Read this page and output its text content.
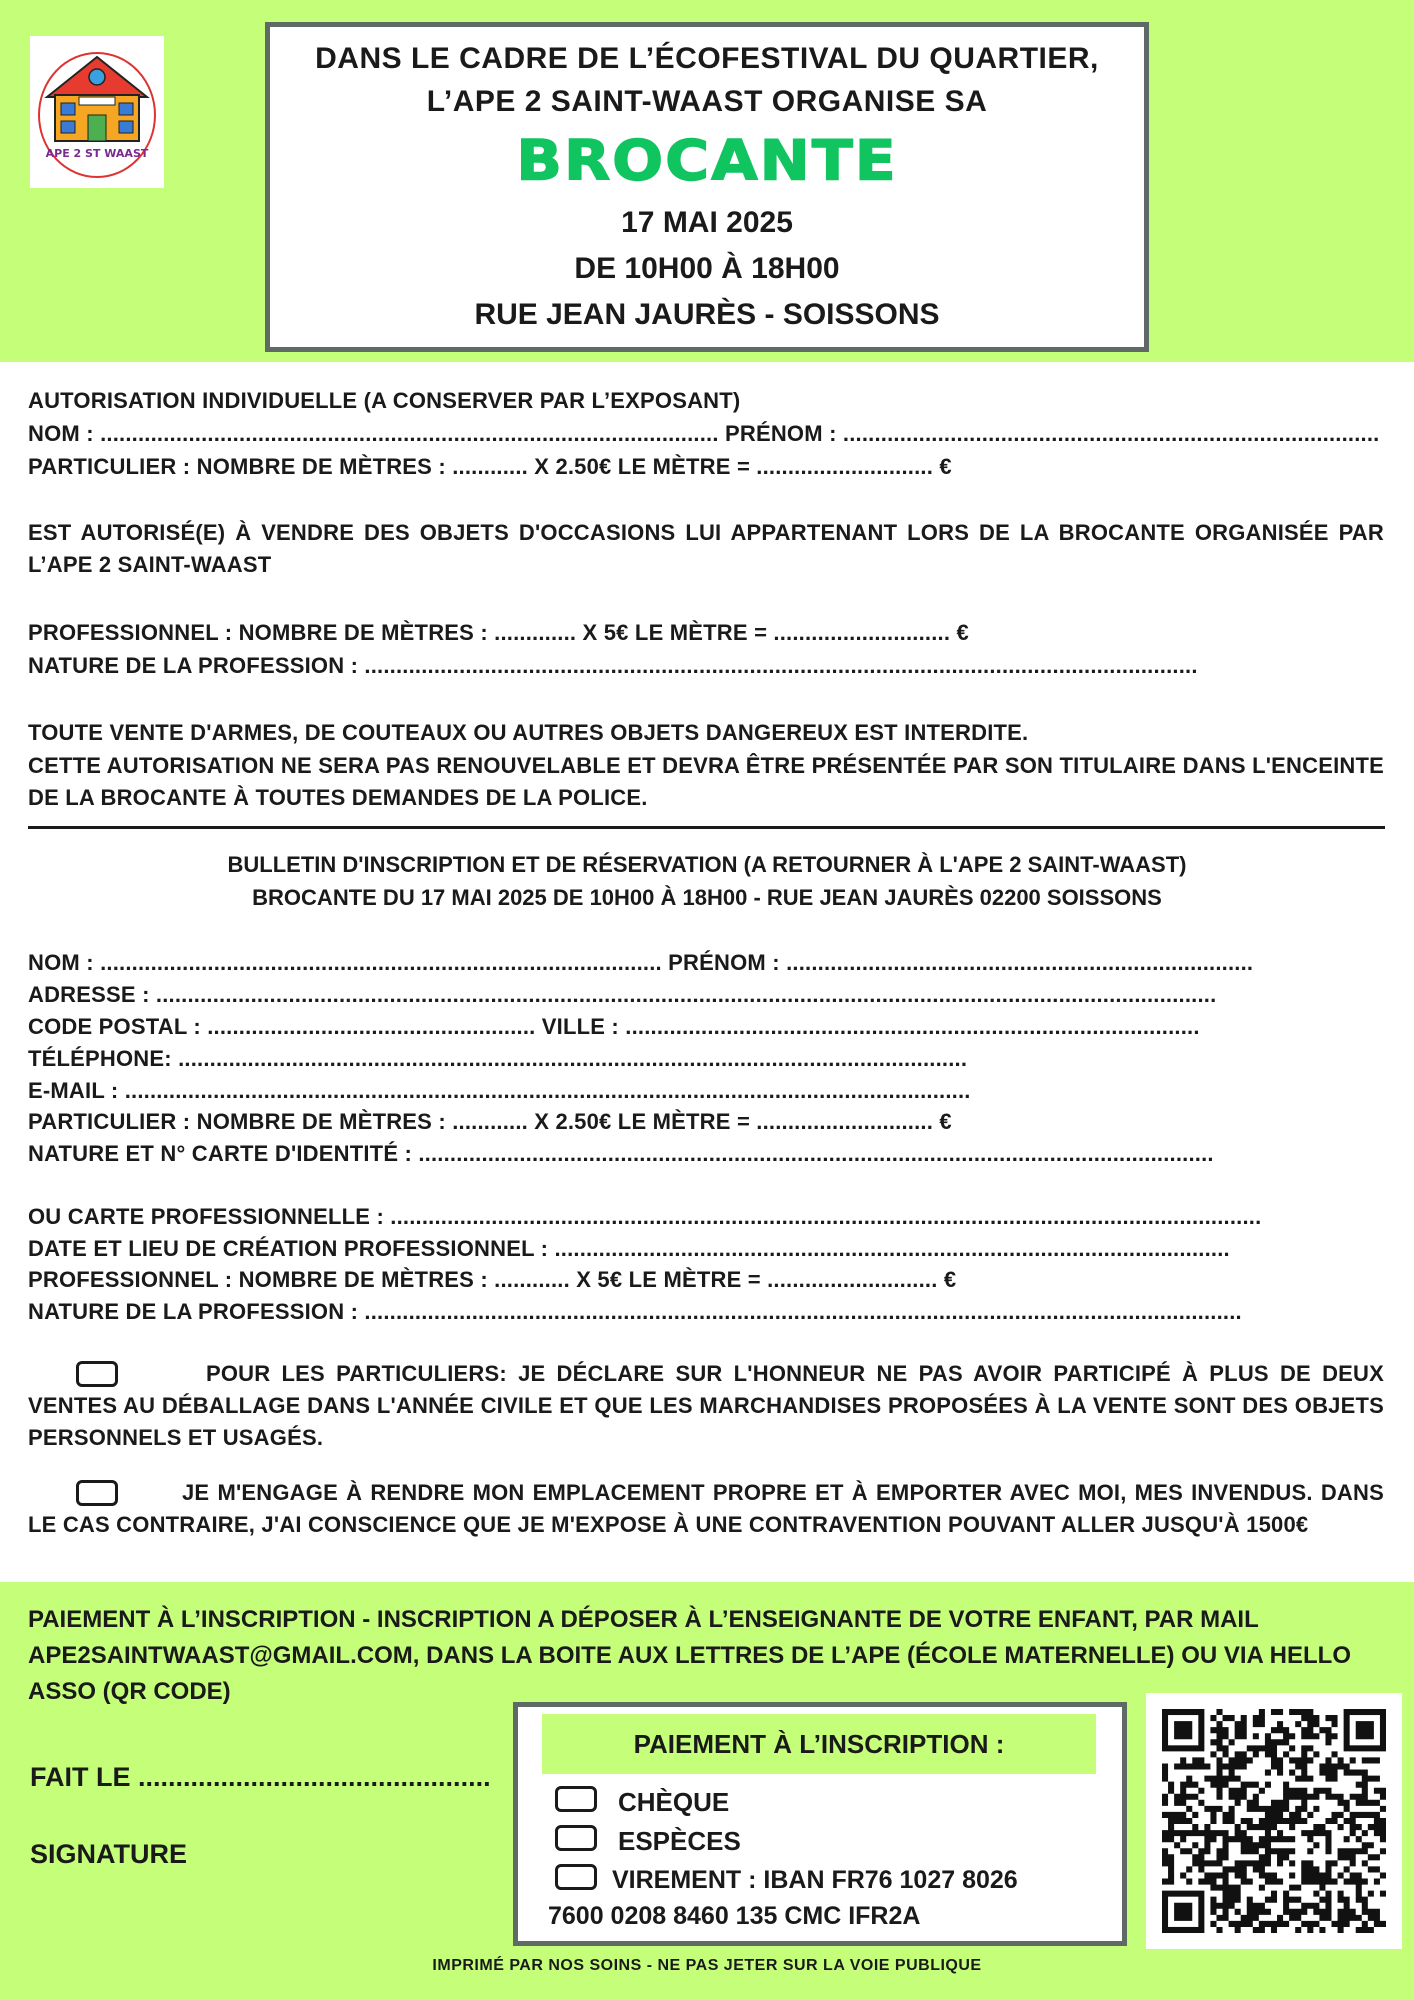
APE 2 ST WAAST
DANS LE CADRE DE L’ÉCOFESTIVAL DU QUARTIER,
L’APE 2 SAINT-WAAST ORGANISE SA
BROCANTE
17 MAI 2025
DE 10H00 À 18H00
RUE JEAN JAURÈS - SOISSONS
AUTORISATION INDIVIDUELLE (A CONSERVER PAR L’EXPOSANT)
NOM : .................................................................................................. PRÉNOM : .....................................................................................
PARTICULIER : NOMBRE DE MÈTRES : ............ X 2.50€ LE MÈTRE = ............................ €
EST AUTORISÉ(E) À VENDRE DES OBJETS D'OCCASIONS LUI APPARTENANT LORS DE LA BROCANTE ORGANISÉE PAR L’APE 2 SAINT-WAAST
PROFESSIONNEL : NOMBRE DE MÈTRES : ............. X 5€ LE MÈTRE = ............................ €
NATURE DE LA PROFESSION : ....................................................................................................................................
TOUTE VENTE D'ARMES, DE COUTEAUX OU AUTRES OBJETS DANGEREUX EST INTERDITE.
CETTE AUTORISATION NE SERA PAS RENOUVELABLE ET DEVRA ÊTRE PRÉSENTÉE PAR SON TITULAIRE DANS L'ENCEINTE DE LA BROCANTE À TOUTES DEMANDES DE LA POLICE.
BULLETIN D'INSCRIPTION ET DE RÉSERVATION (A RETOURNER À L'APE 2 SAINT-WAAST)
BROCANTE DU 17 MAI 2025 DE 10H00 À 18H00 - RUE JEAN JAURÈS 02200 SOISSONS
NOM : ......................................................................................... PRÉNOM : ..........................................................................
ADRESSE : ........................................................................................................................................................................
CODE POSTAL : .................................................... VILLE : ...........................................................................................
TÉLÉPHONE: .............................................................................................................................
E-MAIL : ......................................................................................................................................
PARTICULIER : NOMBRE DE MÈTRES : ............ X 2.50€ LE MÈTRE = ............................ €
NATURE ET N° CARTE D'IDENTITÉ : ..............................................................................................................................
OU CARTE PROFESSIONNELLE : ..........................................................................................................................................
DATE ET LIEU DE CRÉATION PROFESSIONNEL : ...........................................................................................................
PROFESSIONNEL : NOMBRE DE MÈTRES : ............ X 5€ LE MÈTRE = ........................... €
NATURE DE LA PROFESSION : ...........................................................................................................................................
POUR LES PARTICULIERS: JE DÉCLARE SUR L'HONNEUR NE PAS AVOIR PARTICIPÉ À PLUS DE DEUX VENTES AU DÉBALLAGE DANS L'ANNÉE CIVILE ET QUE LES MARCHANDISES PROPOSÉES À LA VENTE SONT DES OBJETS PERSONNELS ET USAGÉS.
JE M'ENGAGE À RENDRE MON EMPLACEMENT PROPRE ET À EMPORTER AVEC MOI, MES INVENDUS. DANS LE CAS CONTRAIRE, J'AI CONSCIENCE QUE JE M'EXPOSE À UNE CONTRAVENTION POUVANT ALLER JUSQU'À 1500€
PAIEMENT À L’INSCRIPTION - INSCRIPTION A DÉPOSER À L’ENSEIGNANTE DE VOTRE ENFANT, PAR MAIL APE2SAINTWAAST@GMAIL.COM, DANS LA BOITE AUX LETTRES DE L’APE (ÉCOLE MATERNELLE) OU VIA HELLO ASSO (QR CODE)
FAIT LE ...............................................
SIGNATURE
PAIEMENT À L’INSCRIPTION :
CHÈQUE
ESPÈCES
VIREMENT : IBAN FR76 1027 8026
7600 0208 8460 135 CMC IFR2A
IMPRIMÉ PAR NOS SOINS - NE PAS JETER SUR LA VOIE PUBLIQUE
